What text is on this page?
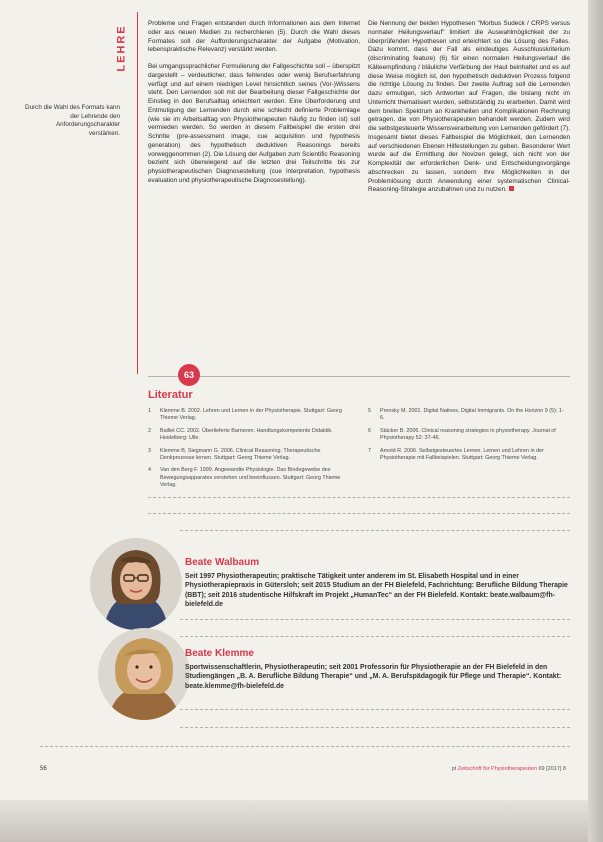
LEHRE
Durch die Wahl des Formats kann der Lehrende den Anforderungscharakter verstärken.

Probleme und Fragen entstanden durch Informationen aus dem Internet oder aus neuen Medien zu recherchieren (5). Durch die Wahl dieses Formates soll der Aufforderungscharakter der Aufgabe (Motivation, lebenspraktische Relevanz) verstärkt werden.

Bei umgangssprachlicher Formulierung der Fallgeschichte soll – überspitzt dargestellt – verdeutlicher, dass fehlendes oder wenig Berufserfahrung verfügt und auf einem niedrigen Level hinsichtlich seines (Vor-)Wissens steht. Den Lernenden soll mit der Bearbeitung dieser Fallgeschichte der Einstieg in den Berufsalltag erleichtert werden. Eine Überforderung und Entmutigung der Lernenden durch eine schlecht definierte Problemlage (wie sie im Arbeitsalltag von Physiotherapeuten häufig zu finden ist) soll vermieden werden. So werden in diesem Fallbeispiel die ersten drei Schritte (pre-assessment image, cue acquisition und hypothesis generation) des hypothetisch deduktiven Reasonings bereits vorweggenommen (2). Die Lösung der Aufgaben zum Scientific Reasoning bezieht sich überwiegend auf die letzten drei Teilschritte bis zur physiotherapeutischen Diagnosestellung (cue interpretation, hypothesis evaluation und physiotherapeutische Diagnosestellung).

Die Nennung der beiden Hypothesen "Morbus Sudeck / CRPS versus normaler Heilungsverlauf" limitiert die Auswahlmöglichkeit der zu überprüfenden Hypothesen und erleichtert so die Lösung des Falles. Dazu kommt, dass der Fall als eindeutiges Ausschlusskriterium (discriminating feature) (6) für einen normalen Heilungsverlauf die Kälteempfindung / bläuliche Verfärbung der Haut beinhaltet und es auf diese Weise möglich ist, den hypothetisch deduktiven Prozess folgend die richtige Lösung zu finden. Der zweite Auftrag soll die Lernenden dazu ermutigen, sich Antworten auf Fragen, die bislang nicht im Unterricht thematisiert wurden, selbstständig zu erarbeiten. Damit wird dem breiten Spektrum an Krankheiten und Komplikationen Rechnung getragen, die von Physiotherapeuten behandelt werden. Zudem wird die selbstgesteuerte Wissensverarbeitung von Lernenden gefördert (7). Insgesamt bietet dieses Fallbeispiel die Möglichkeit, den Lernenden auf verschiedenen Ebenen Hilfestellungen zu geben. Besonderer Wert wurde auf die Ermittlung der Novizen gelegt, sich nicht von der Komplexität der erforderlichen Denk- und Entscheidungsvorgänge abschrecken zu lassen, sondern ihre Möglichkeiten in der Problemlösung durch Anwendung einer systematischen Clinical-Reasoning-Strategie anzubahnen und zu nutzen.

63
Literatur
1 Klemme B. 2002. Lehren und Lernen in der Physiotherapie. Stuttgart: Georg Thieme Verlag.
2 Baillet CC. 2002. Überlieferte Barrieren. Handlungskompetente Didaktik. Heidelberg: Ulle.
3 Klemme B, Siegmann G. 2006. Clinical Reasoning. Therapeutische Denkprozesse lernen. Stuttgart: Georg Thieme Verlag.
4 Van den Berg F. 1999. Angewandte Physiologie. Das Bindegewebe des Bewegungsapparates verstehen und beeinflussen. Stuttgart: Georg Thieme Verlag.
5 Prensky M. 2001. Digital Natives, Digital Immigrants. On the Horizon 9 (5): 1-6.
6 Stäcker B. 2006. Clinical reasoning strategies in physiotherapy. Journal of Physiotherapy 52: 37-46.
7 Arnold R. 2006. Selbstgesteuertes Lernen. Lernen und Lehren in der Physiotherapie mit Fallbeispielen. Stuttgart: Georg Thieme Verlag.
Beate Walbaum
Seit 1997 Physiotherapeutin; praktische Tätigkeit unter anderem im St. Elisabeth Hospital und in einer Physiotherapiepraxis in Gütersloh; seit 2015 Studium an der FH Bielefeld, Fachrichtung: Berufliche Bildung Therapie (BBT); seit 2016 studentische Hilfskraft im Projekt „HumanTec“ an der FH Bielefeld. Kontakt: beate.walbaum@fh-bielefeld.de
Beate Klemme
Sportwissenschaftlerin, Physiotherapeutin; seit 2001 Professorin für Physiotherapie an der FH Bielefeld in den Studiengängen „B. A. Berufliche Bildung Therapie“ und „M. A. Berufspädagogik für Pflege und Therapie“. Kontakt: beate.klemme@fh-bielefeld.de
56	pt Zeitschrift für Physiotherapeuten 69 [2017] 8
